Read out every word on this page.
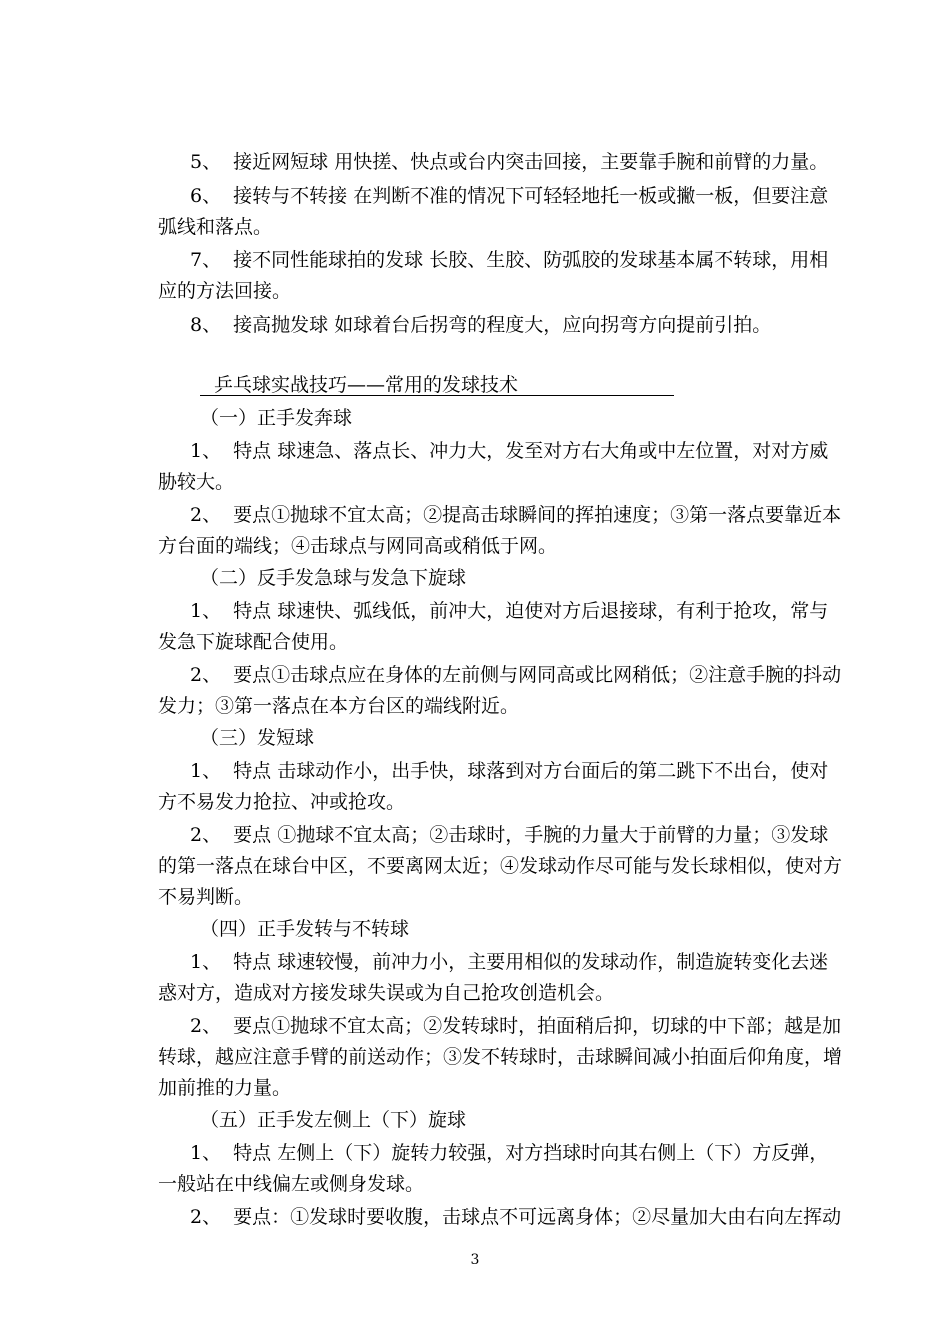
5、  接近网短球 用快搓、快点或台内突击回接，主要靠手腕和前臂的力量。
6、  接转与不转接 在判断不准的情况下可轻轻地托一板或撇一板，但要注意
弧线和落点。
7、  接不同性能球拍的发球 长胶、生胶、防弧胶的发球基本属不转球，用相
应的方法回接。
8、  接高抛发球 如球着台后拐弯的程度大，应向拐弯方向提前引拍。
乒乓球实战技巧——常用的发球技术
（一）正手发奔球
1、  特点 球速急、落点长、冲力大，发至对方右大角或中左位置，对对方威
胁较大。
2、  要点①抛球不宜太高；②提高击球瞬间的挥拍速度；③第一落点要靠近本
方台面的端线；④击球点与网同高或稍低于网。
（二）反手发急球与发急下旋球
1、  特点 球速快、弧线低，前冲大，迫使对方后退接球，有利于抢攻，常与
发急下旋球配合使用。
2、  要点①击球点应在身体的左前侧与网同高或比网稍低；②注意手腕的抖动
发力；③第一落点在本方台区的端线附近。
（三）发短球
1、  特点 击球动作小，出手快，球落到对方台面后的第二跳下不出台，使对
方不易发力抢拉、冲或抢攻。
2、  要点 ①抛球不宜太高；②击球时，手腕的力量大于前臂的力量；③发球
的第一落点在球台中区，不要离网太近；④发球动作尽可能与发长球相似，使对方
不易判断。
（四）正手发转与不转球
1、  特点 球速较慢，前冲力小，主要用相似的发球动作，制造旋转变化去迷
惑对方，造成对方接发球失误或为自己抢攻创造机会。
2、  要点①抛球不宜太高；②发转球时，拍面稍后抑，切球的中下部；越是加
转球，越应注意手臂的前送动作；③发不转球时，击球瞬间减小拍面后仰角度，增
加前推的力量。
（五）正手发左侧上（下）旋球
1、  特点 左侧上（下）旋转力较强，对方挡球时向其右侧上（下）方反弹，
一般站在中线偏左或侧身发球。
2、  要点：①发球时要收腹，击球点不可远离身体；②尽量加大由右向左挥动
3
